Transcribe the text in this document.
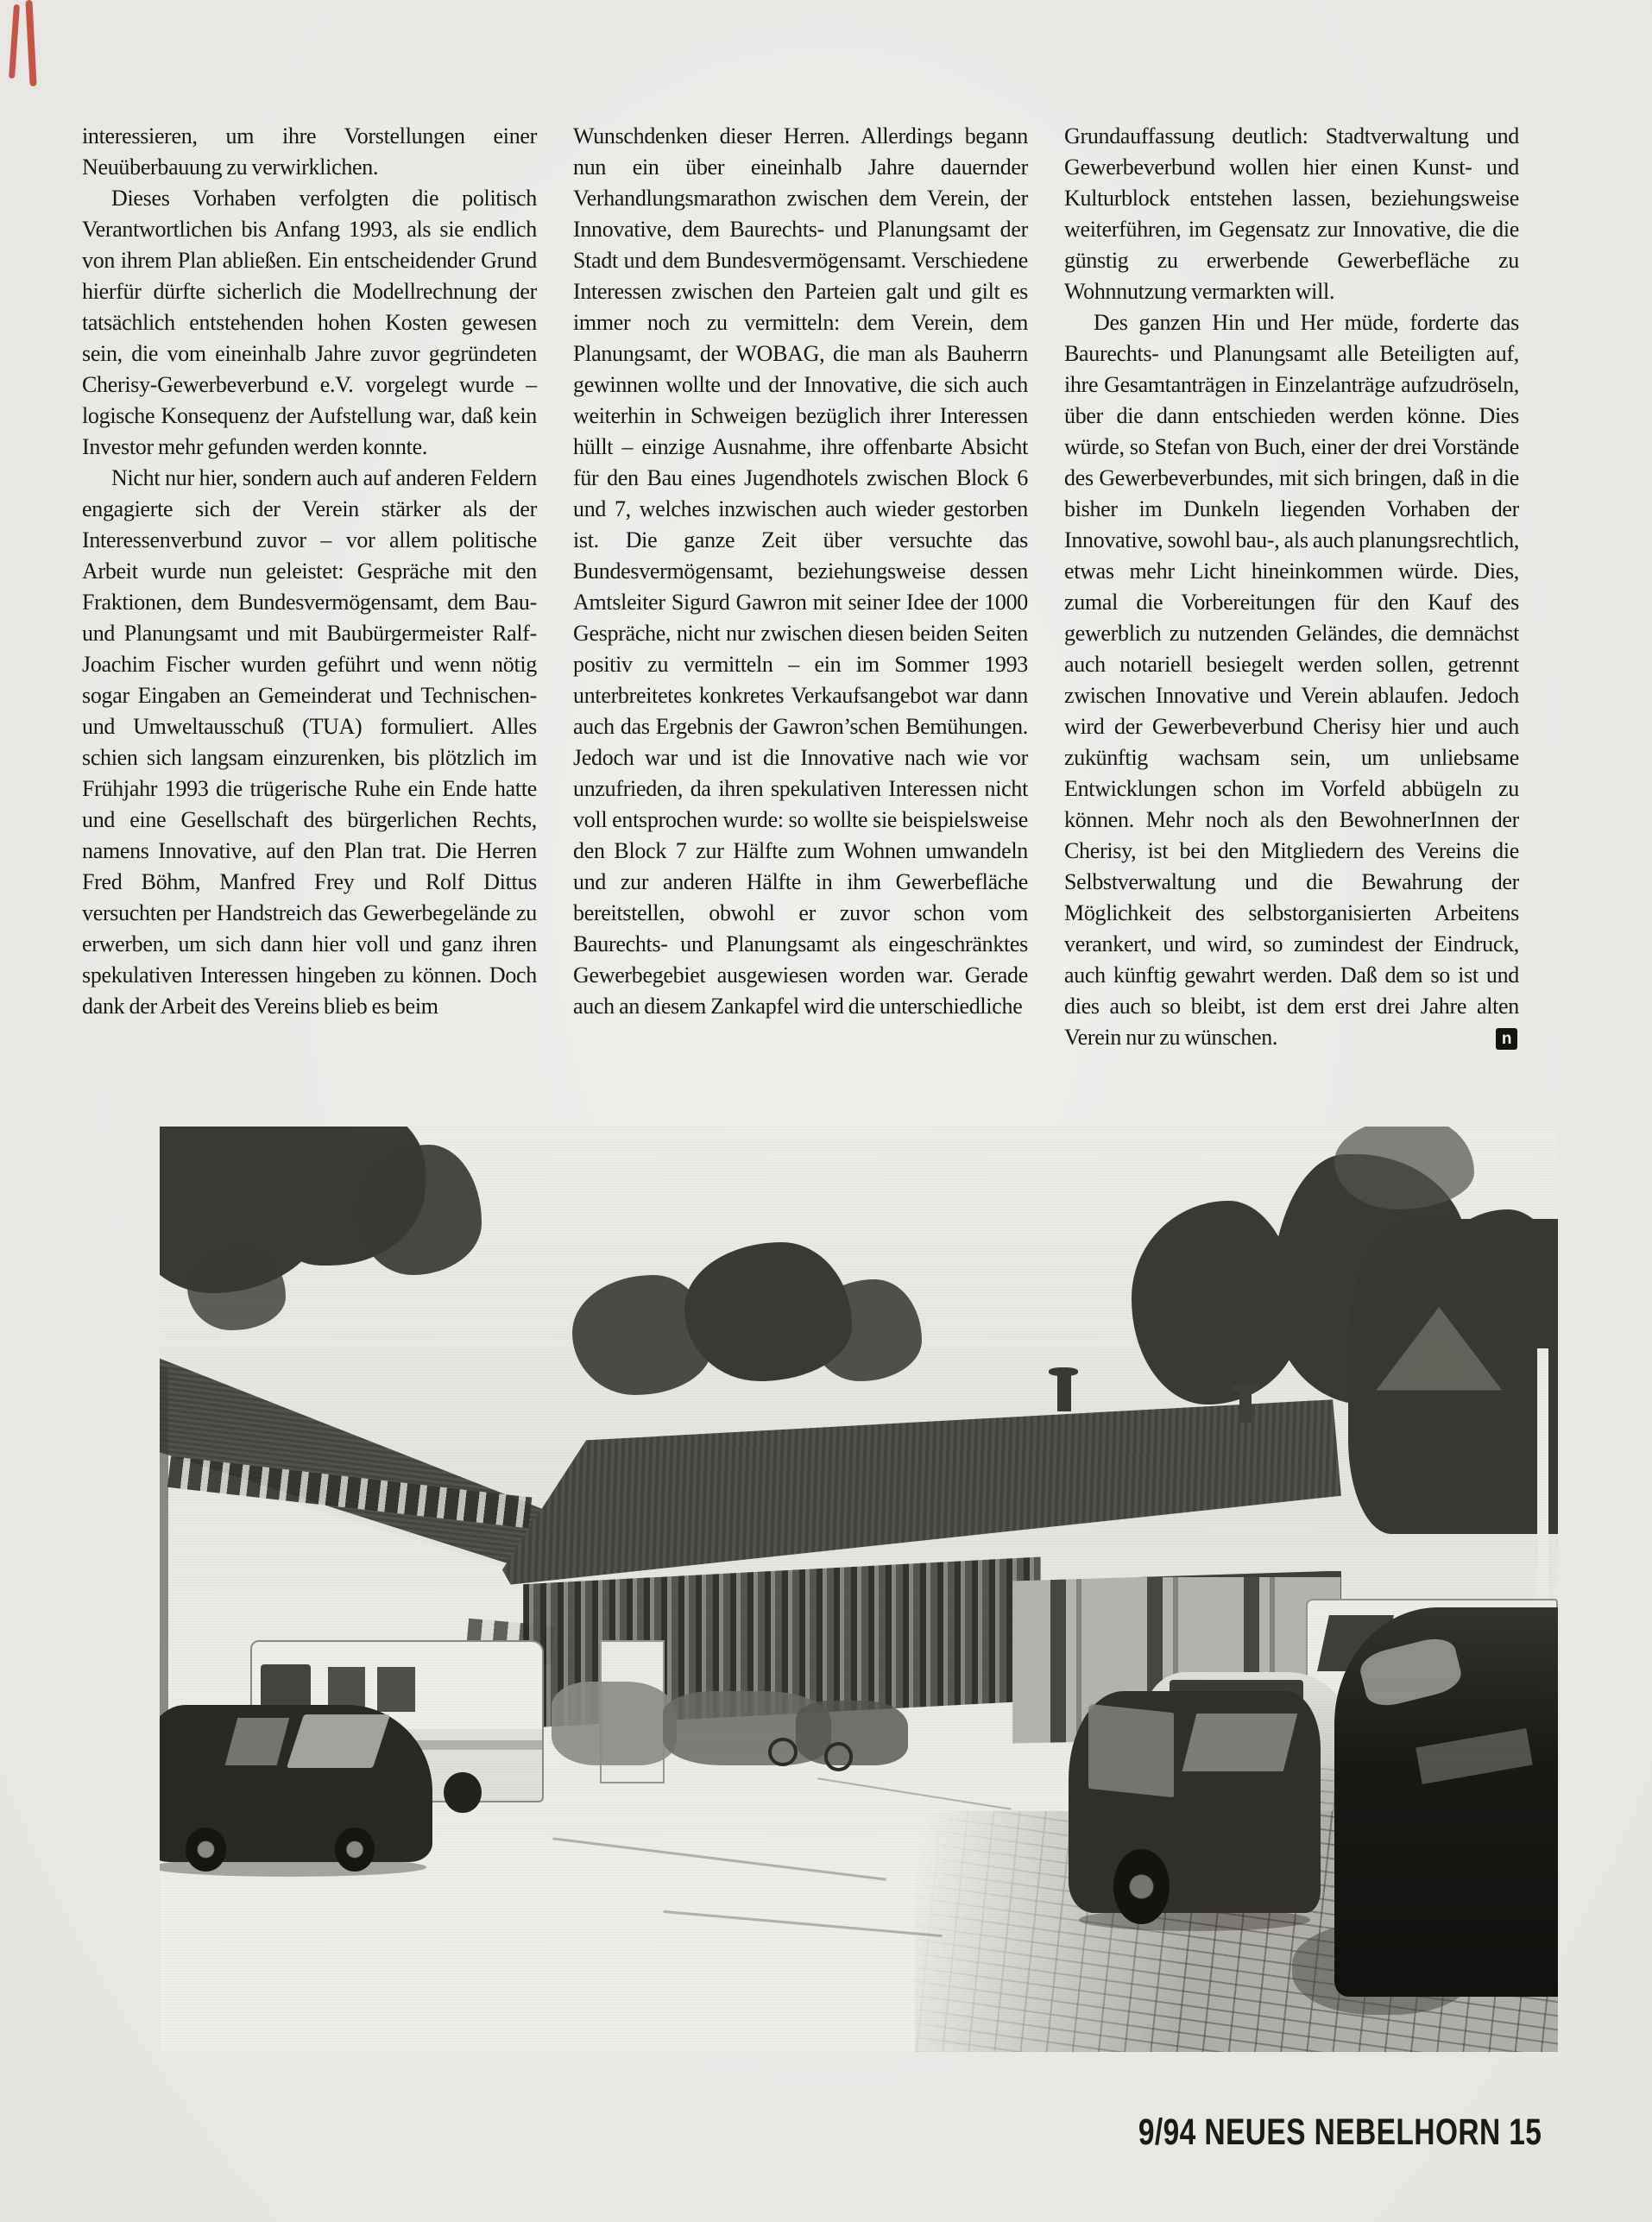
interessieren, um ihre Vorstellungen einer Neuüberbauung zu verwirklichen.

Dieses Vorhaben verfolgten die politisch Verantwortlichen bis Anfang 1993, als sie endlich von ihrem Plan abließen. Ein entscheidender Grund hierfür dürfte sicherlich die Modellrechnung der tatsächlich entstehenden hohen Kosten gewesen sein, die vom eineinhalb Jahre zuvor gegründeten Cherisy-Gewerbeverbund e.V. vorgelegt wurde – logische Konsequenz der Aufstellung war, daß kein Investor mehr gefunden werden konnte.

Nicht nur hier, sondern auch auf anderen Feldern engagierte sich der Verein stärker als der Interessenverbund zuvor – vor allem politische Arbeit wurde nun geleistet: Gespräche mit den Fraktionen, dem Bundesvermögensamt, dem Bau- und Planungsamt und mit Baubürgermeister Ralf-Joachim Fischer wurden geführt und wenn nötig sogar Eingaben an Gemeinderat und Technischen- und Umweltausschuß (TUA) formuliert. Alles schien sich langsam einzurenken, bis plötzlich im Frühjahr 1993 die trügerische Ruhe ein Ende hatte und eine Gesellschaft des bürgerlichen Rechts, namens Innovative, auf den Plan trat. Die Herren Fred Böhm, Manfred Frey und Rolf Dittus versuchten per Handstreich das Gewerbegelände zu erwerben, um sich dann hier voll und ganz ihren spekulativen Interessen hingeben zu können. Doch dank der Arbeit des Vereins blieb es beim

Wunschdenken dieser Herren. Allerdings begann nun ein über eineinhalb Jahre dauernder Verhandlungsmarathon zwischen dem Verein, der Innovative, dem Baurechts- und Planungsamt der Stadt und dem Bundesvermögensamt. Verschiedene Interessen zwischen den Parteien galt und gilt es immer noch zu vermitteln: dem Verein, dem Planungsamt, der WOBAG, die man als Bauherrn gewinnen wollte und der Innovative, die sich auch weiterhin in Schweigen bezüglich ihrer Interessen hüllt – einzige Ausnahme, ihre offenbarte Absicht für den Bau eines Jugendhotels zwischen Block 6 und 7, welches inzwischen auch wieder gestorben ist. Die ganze Zeit über versuchte das Bundesvermögensamt, beziehungsweise dessen Amtsleiter Sigurd Gawron mit seiner Idee der 1000 Gespräche, nicht nur zwischen diesen beiden Seiten positiv zu vermitteln – ein im Sommer 1993 unterbreitetes konkretes Verkaufsangebot war dann auch das Ergebnis der Gawron’schen Bemühungen. Jedoch war und ist die Innovative nach wie vor unzufrieden, da ihren spekulativen Interessen nicht voll entsprochen wurde: so wollte sie beispielsweise den Block 7 zur Hälfte zum Wohnen umwandeln und zur anderen Hälfte in ihm Gewerbefläche bereitstellen, obwohl er zuvor schon vom Baurechts- und Planungsamt als eingeschränktes Gewerbegebiet ausgewiesen worden war. Gerade auch an diesem Zankapfel wird die unterschiedliche

Grundauffassung deutlich: Stadtverwaltung und Gewerbeverbund wollen hier einen Kunst- und Kulturblock entstehen lassen, beziehungsweise weiterführen, im Gegensatz zur Innovative, die die günstig zu erwerbende Gewerbefläche zu Wohnnutzung vermarkten will.

Des ganzen Hin und Her müde, forderte das Baurechts- und Planungsamt alle Beteiligten auf, ihre Gesamtanträgen in Einzelanträge aufzudröseln, über die dann entschieden werden könne. Dies würde, so Stefan von Buch, einer der drei Vorstände des Gewerbeverbundes, mit sich bringen, daß in die bisher im Dunkeln liegenden Vorhaben der Innovative, sowohl bau-, als auch planungsrechtlich, etwas mehr Licht hineinkommen würde. Dies, zumal die Vorbereitungen für den Kauf des gewerblich zu nutzenden Geländes, die demnächst auch notariell besiegelt werden sollen, getrennt zwischen Innovative und Verein ablaufen. Jedoch wird der Gewerbeverbund Cherisy hier und auch zukünftig wachsam sein, um unliebsame Entwicklungen schon im Vorfeld abbügeln zu können. Mehr noch als den BewohnerInnen der Cherisy, ist bei den Mitgliedern des Vereins die Selbstverwaltung und die Bewahrung der Möglichkeit des selbstorganisierten Arbeitens verankert, und wird, so zumindest der Eindruck, auch künftig gewahrt werden. Daß dem so ist und dies auch so bleibt, ist dem erst drei Jahre alten Verein nur zu wünschen.	n
9/94 NEUES NEBELHORN 15
